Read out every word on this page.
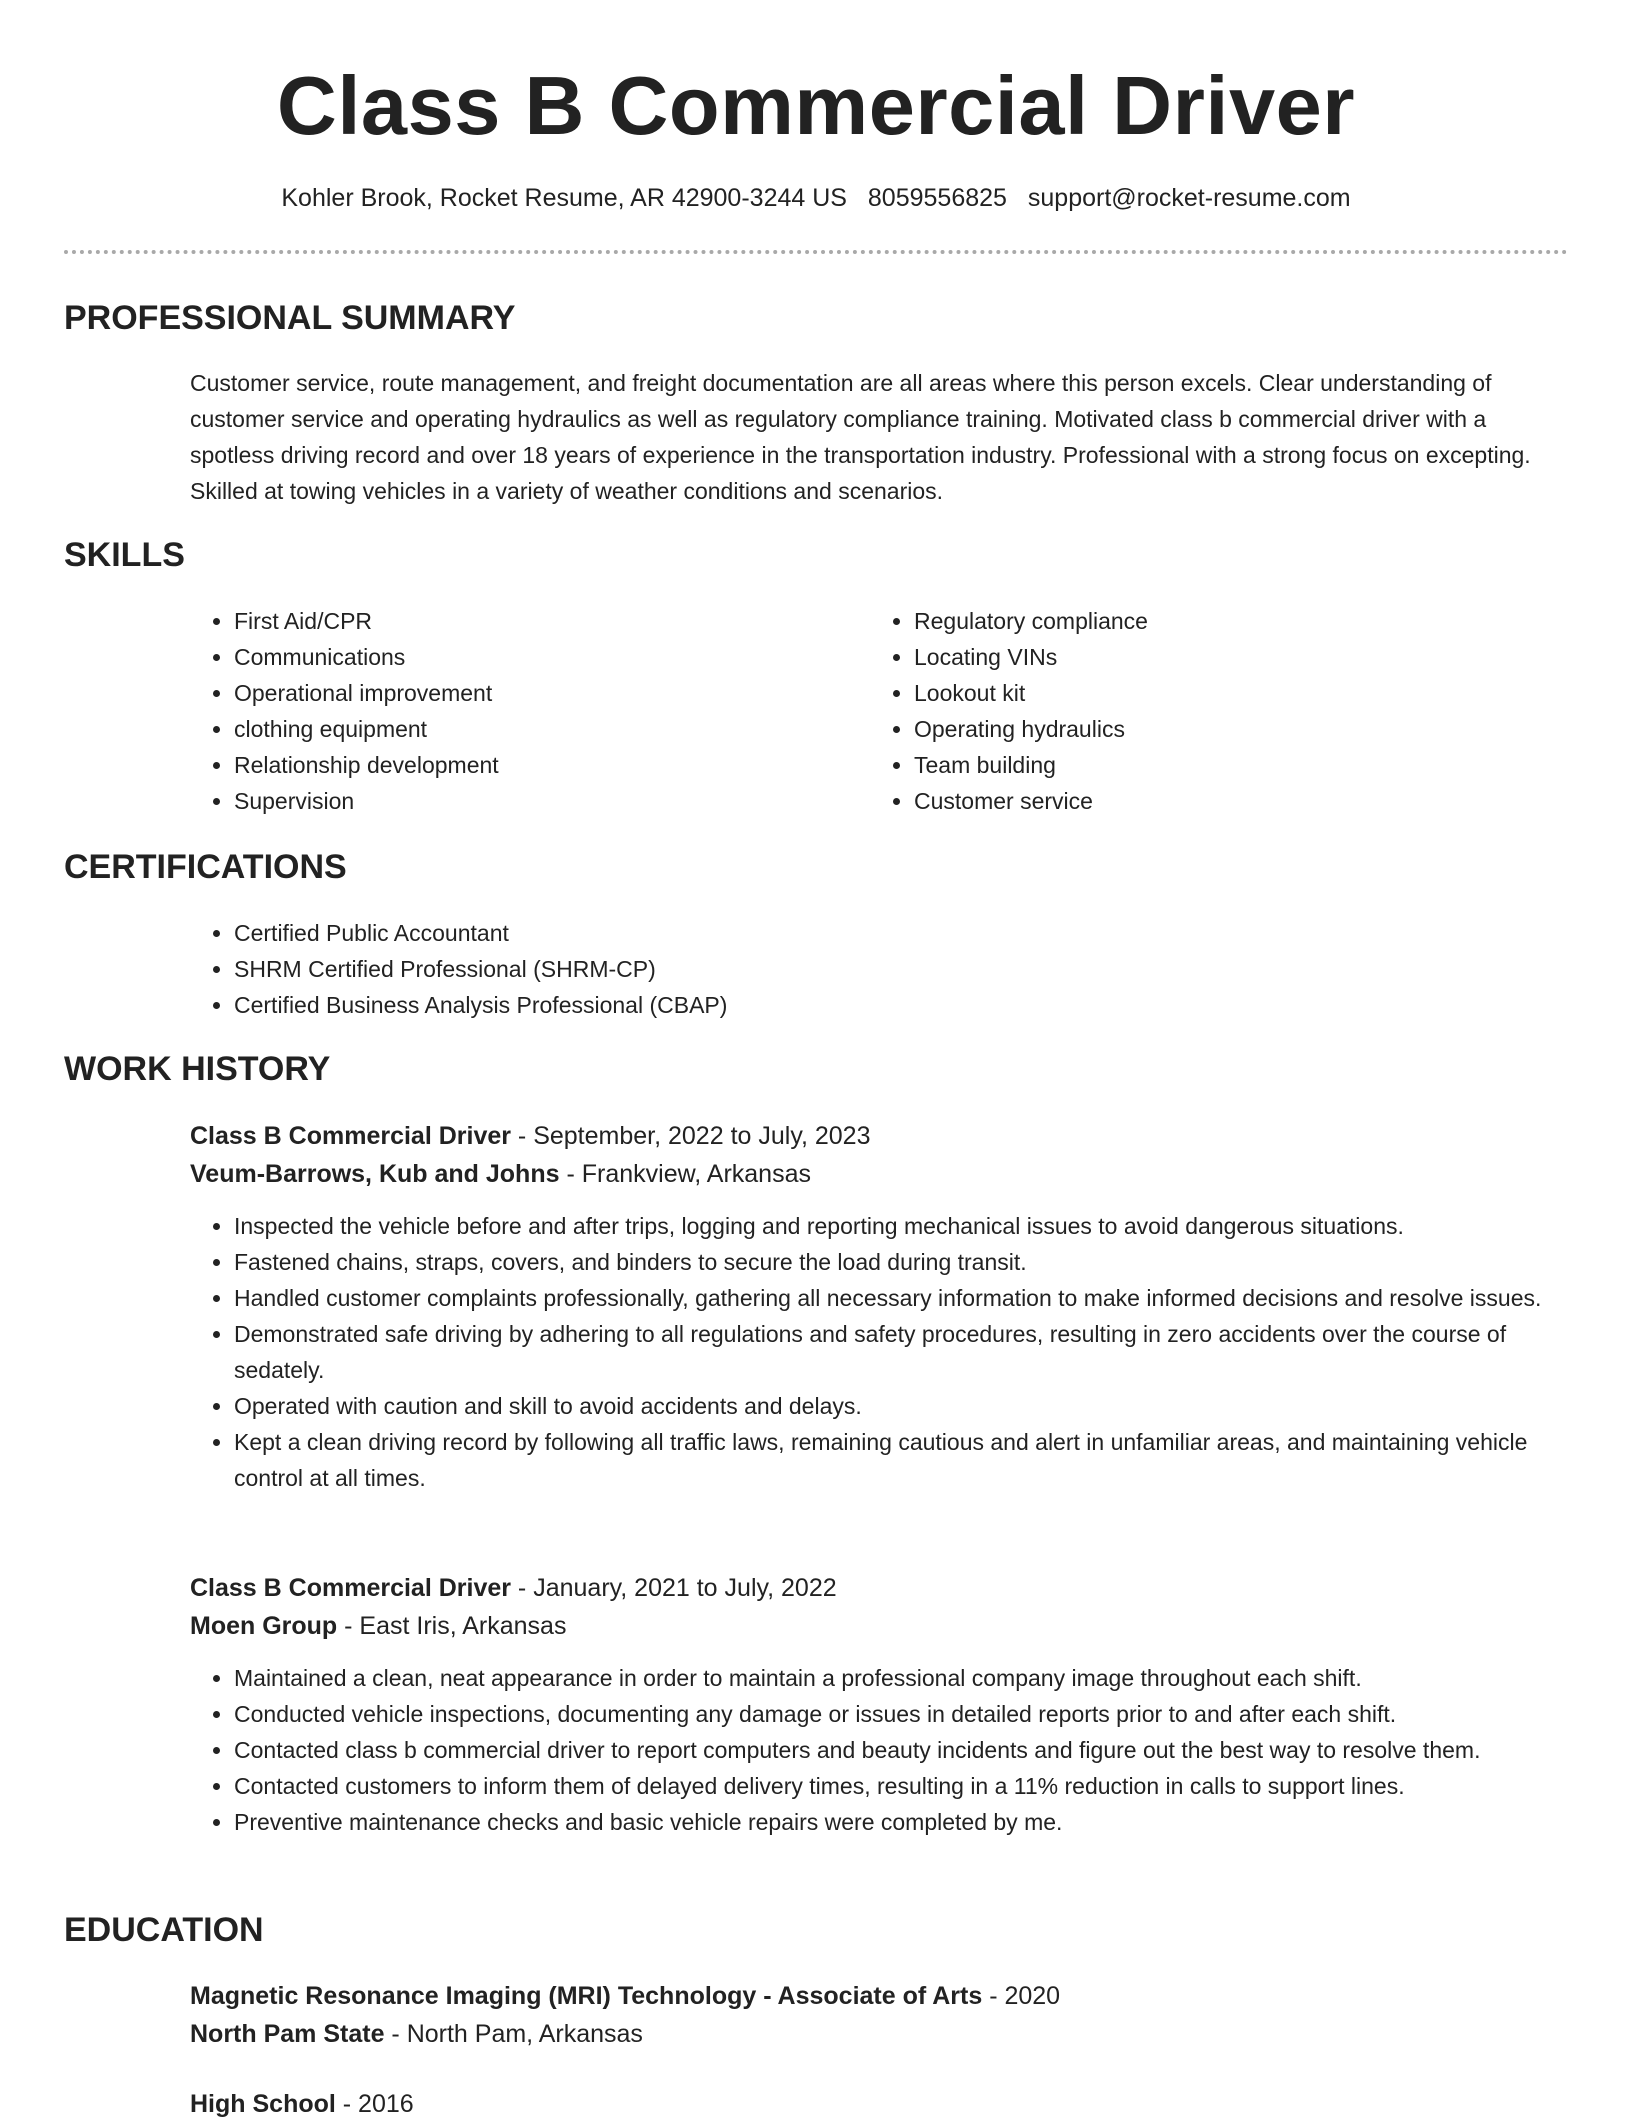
Class B Commercial Driver
Kohler Brook, Rocket Resume, AR 42900-3244 US 8059556825 support@rocket-resume.com
PROFESSIONAL SUMMARY
Customer service, route management, and freight documentation are all areas where this person excels. Clear understanding of customer service and operating hydraulics as well as regulatory compliance training. Motivated class b commercial driver with a spotless driving record and over 18 years of experience in the transportation industry. Professional with a strong focus on excepting. Skilled at towing vehicles in a variety of weather conditions and scenarios.
SKILLS
• First Aid/CPR
• Communications
• Operational improvement
• clothing equipment
• Relationship development
• Supervision
• Regulatory compliance
• Locating VINs
• Lookout kit
• Operating hydraulics
• Team building
• Customer service
CERTIFICATIONS
• Certified Public Accountant
• SHRM Certified Professional (SHRM-CP)
• Certified Business Analysis Professional (CBAP)
WORK HISTORY
Class B Commercial Driver - September, 2022 to July, 2023
Veum-Barrows, Kub and Johns - Frankview, Arkansas
• Inspected the vehicle before and after trips, logging and reporting mechanical issues to avoid dangerous situations.
• Fastened chains, straps, covers, and binders to secure the load during transit.
• Handled customer complaints professionally, gathering all necessary information to make informed decisions and resolve issues.
• Demonstrated safe driving by adhering to all regulations and safety procedures, resulting in zero accidents over the course of sedately.
• Operated with caution and skill to avoid accidents and delays.
• Kept a clean driving record by following all traffic laws, remaining cautious and alert in unfamiliar areas, and maintaining vehicle control at all times.
Class B Commercial Driver - January, 2021 to July, 2022
Moen Group - East Iris, Arkansas
• Maintained a clean, neat appearance in order to maintain a professional company image throughout each shift.
• Conducted vehicle inspections, documenting any damage or issues in detailed reports prior to and after each shift.
• Contacted class b commercial driver to report computers and beauty incidents and figure out the best way to resolve them.
• Contacted customers to inform them of delayed delivery times, resulting in a 11% reduction in calls to support lines.
• Preventive maintenance checks and basic vehicle repairs were completed by me.
EDUCATION
Magnetic Resonance Imaging (MRI) Technology - Associate of Arts - 2020
North Pam State - North Pam, Arkansas
High School - 2016
